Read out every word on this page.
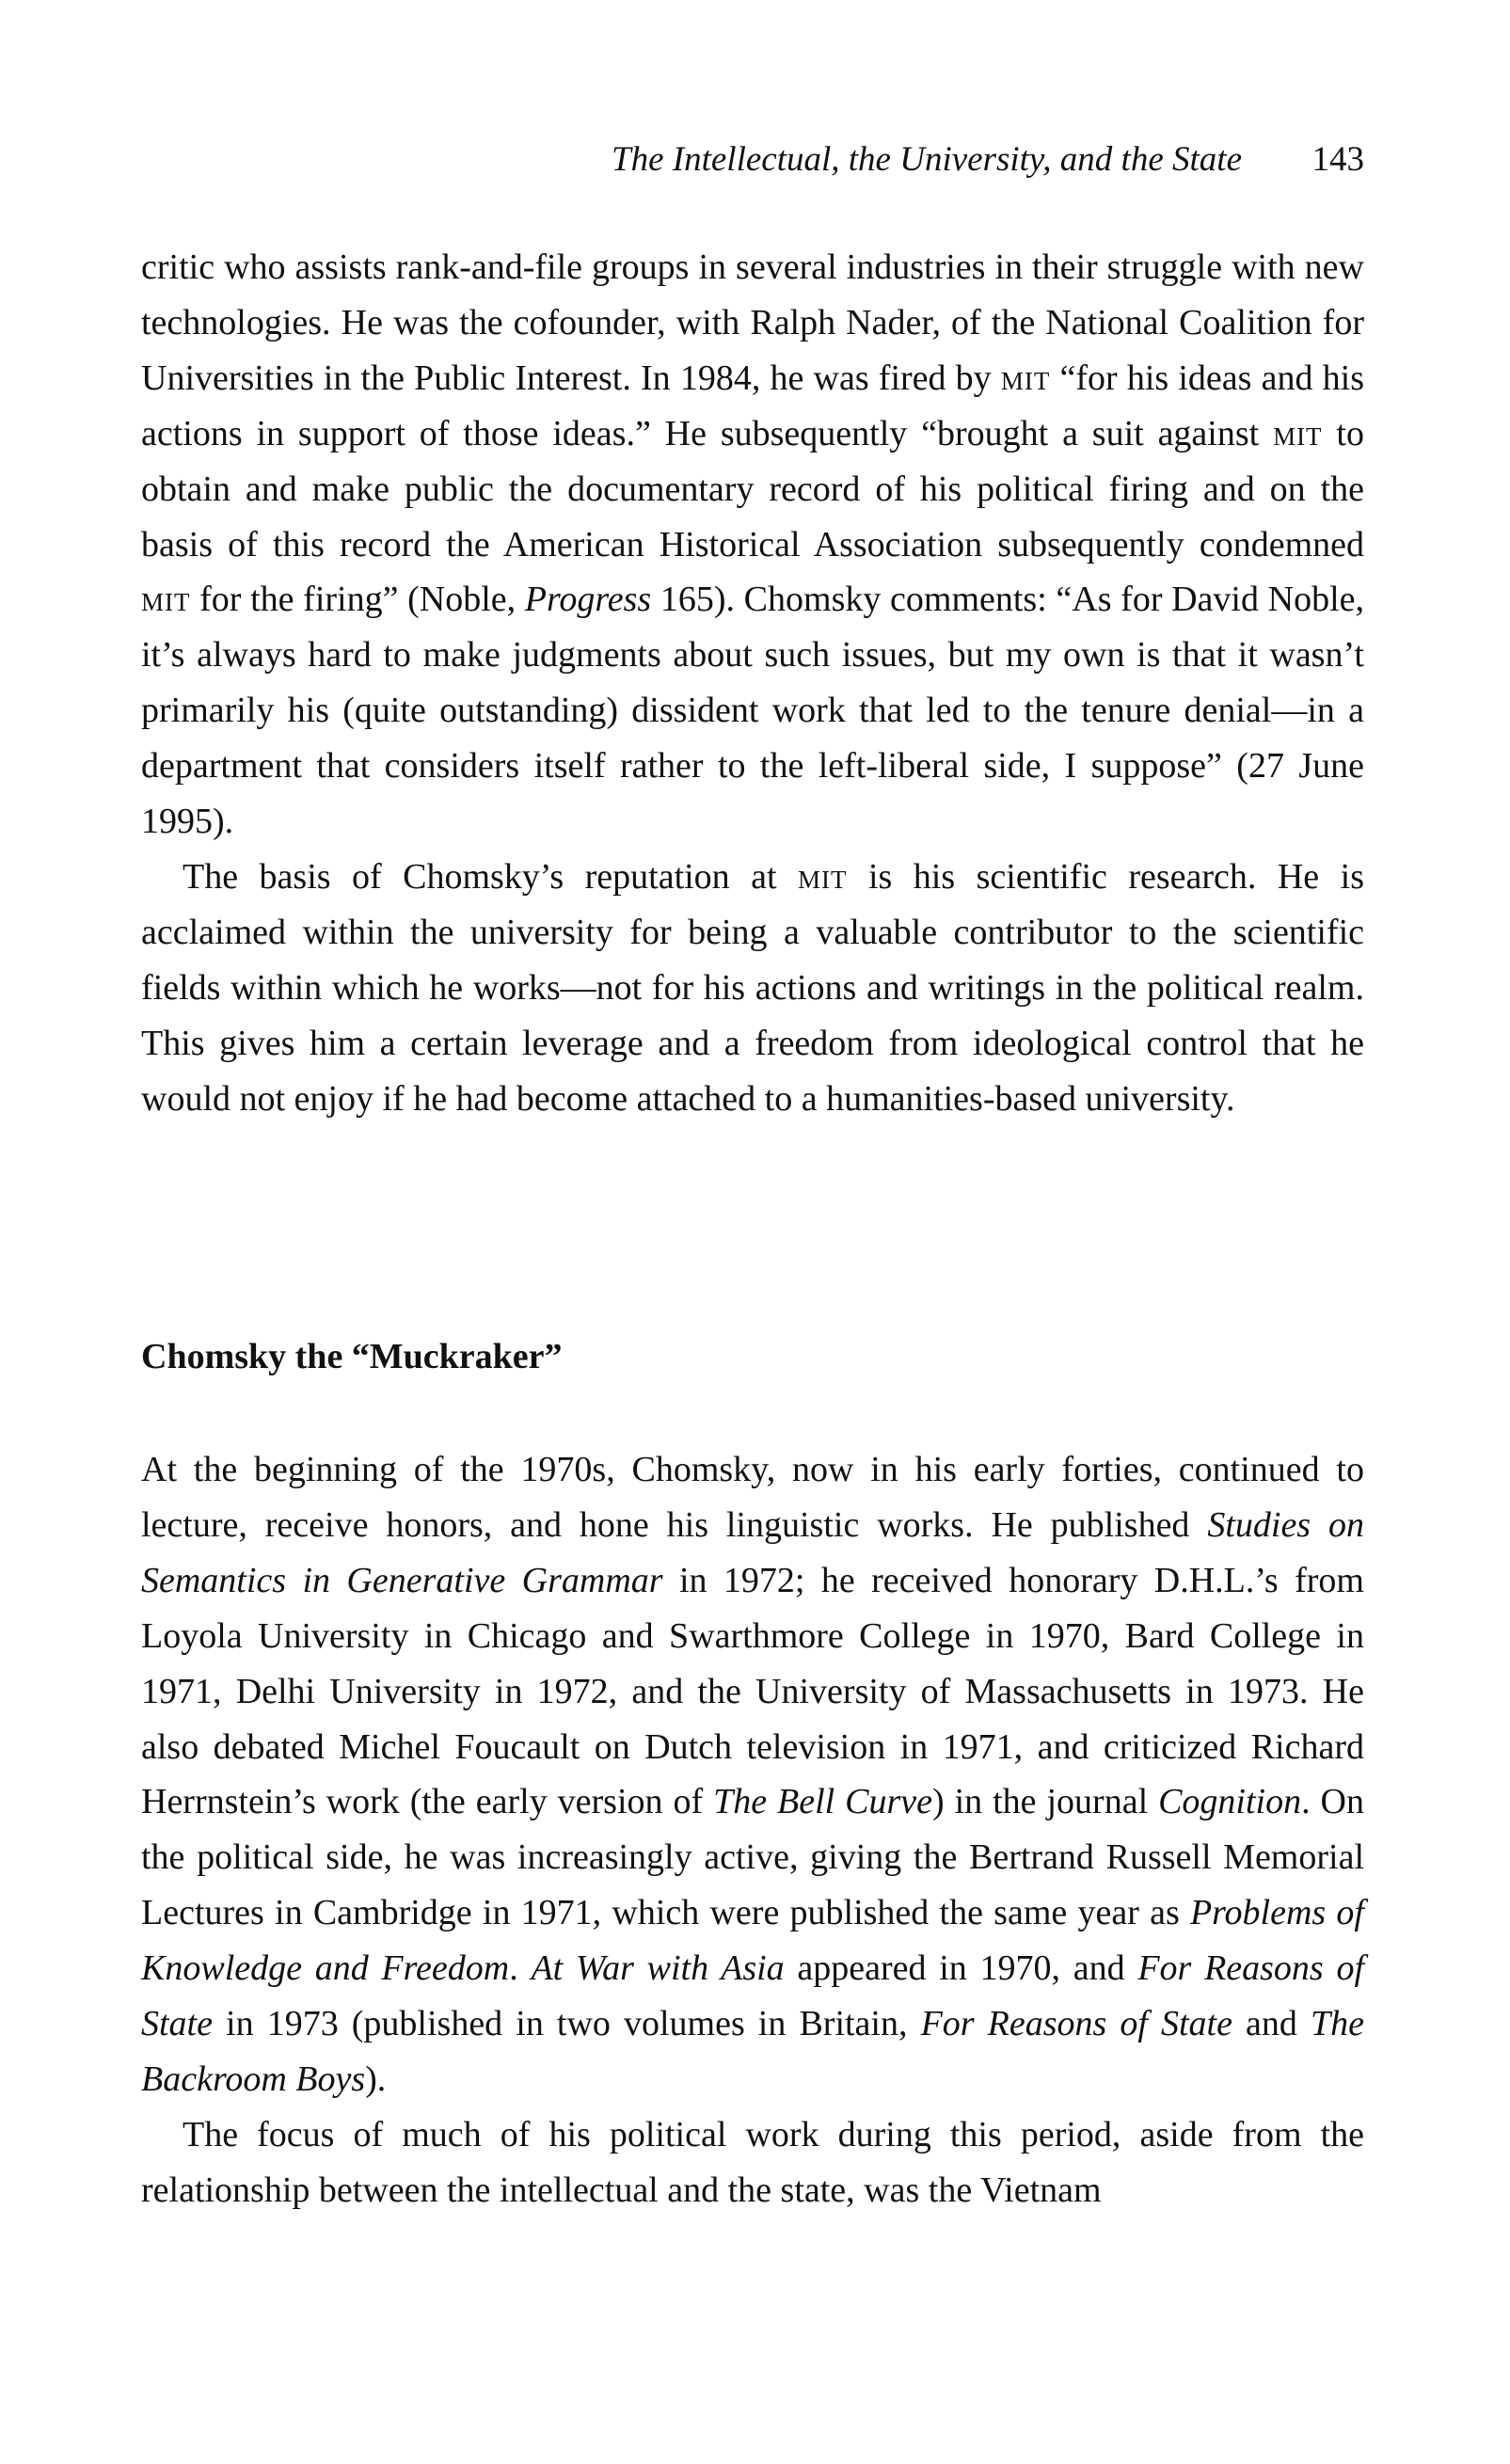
The Intellectual, the University, and the State 143

critic who assists rank-and-file groups in several industries in their struggle with new technologies. He was the cofounder, with Ralph Nader, of the National Coalition for Universities in the Public Interest. In 1984, he was fired by mit “for his ideas and his actions in support of those ideas.” He subsequently “brought a suit against mit to obtain and make public the documentary record of his political firing and on the basis of this record the American Historical Association subsequently condemned mit for the firing” (Noble, Progress 165). Chomsky comments: “As for David Noble, it’s always hard to make judgments about such issues, but my own is that it wasn’t primarily his (quite outstanding) dissident work that led to the tenure denial—in a department that considers itself rather to the left-liberal side, I suppose” (27 June 1995).

The basis of Chomsky’s reputation at mit is his scientific research. He is acclaimed within the university for being a valuable contributor to the scientific fields within which he works—not for his actions and writings in the political realm. This gives him a certain leverage and a freedom from ideological control that he would not enjoy if he had become attached to a humanities-based university.

Chomsky the “Muckraker”

At the beginning of the 1970s, Chomsky, now in his early forties, continued to lecture, receive honors, and hone his linguistic works. He published Studies on Semantics in Generative Grammar in 1972; he received honorary D.H.L.’s from Loyola University in Chicago and Swarthmore College in 1970, Bard College in 1971, Delhi University in 1972, and the University of Massachusetts in 1973. He also debated Michel Foucault on Dutch television in 1971, and criticized Richard Herrnstein’s work (the early version of The Bell Curve) in the journal Cognition. On the political side, he was increasingly active, giving the Bertrand Russell Memorial Lectures in Cambridge in 1971, which were published the same year as Problems of Knowledge and Freedom. At War with Asia appeared in 1970, and For Reasons of State in 1973 (published in two volumes in Britain, For Reasons of State and The Backroom Boys).

The focus of much of his political work during this period, aside from the relationship between the intellectual and the state, was the Vietnam
